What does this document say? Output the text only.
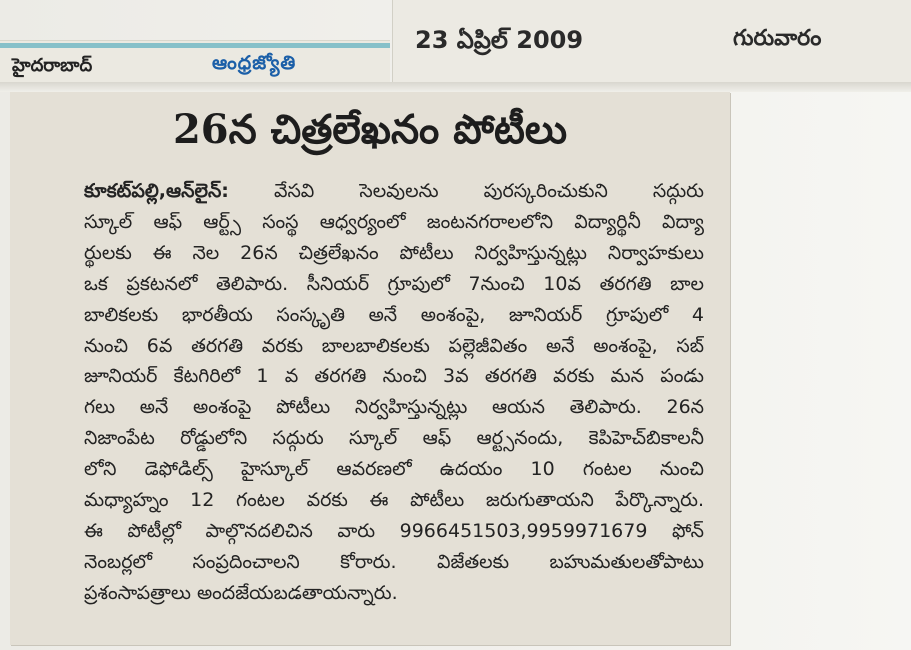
హైదరాబాద్	ఆంధ్రజ్యోతి
23 ఏప్రిల్ 2009	గురువారం
26న చిత్రలేఖనం పోటీలు
కూకట్‌పల్లి,ఆన్‌లైన్: వేసవి సెలవులను పురస్కరించుకుని సద్గురు
స్కూల్ ఆఫ్ ఆర్ట్స్ సంస్థ ఆధ్వర్యంలో జంటనగరాలలోని విద్యార్థినీ విద్యా
ర్థులకు ఈ నెల 26న చిత్రలేఖనం పోటీలు నిర్వహిస్తున్నట్లు నిర్వాహకులు
ఒక ప్రకటనలో తెలిపారు. సీనియర్ గ్రూపులో 7నుంచి 10వ తరగతి బాల
బాలికలకు భారతీయ సంస్కృతి అనే అంశంపై, జూనియర్ గ్రూపులో 4
నుంచి 6వ తరగతి వరకు బాలబాలికలకు పల్లెజీవితం అనే అంశంపై, సబ్
జూనియర్ కేటగిరిలో 1 వ తరగతి నుంచి 3వ తరగతి వరకు మన పండు
గలు అనే అంశంపై పోటీలు నిర్వహిస్తున్నట్లు ఆయన తెలిపారు. 26న
నిజాంపేట రోడ్డులోని సద్గురు స్కూల్ ఆఫ్ ఆర్ట్సనందు, కెపిహెచ్‌బికాలనీ
లోని డెఫోడిల్స్ హైస్కూల్ ఆవరణలో ఉదయం 10 గంటల నుంచి
మధ్యాహ్నం 12 గంటల వరకు ఈ పోటీలు జరుగుతాయని పేర్కొన్నారు.
ఈ పోటీల్లో పాల్గొనదలిచిన వారు 9966451503,9959971679 ఫోన్
నెంబర్లలో సంప్రదించాలని కోరారు. విజేతలకు బహుమతులతోపాటు
ప్రశంసాపత్రాలు అందజేయబడతాయన్నారు.
